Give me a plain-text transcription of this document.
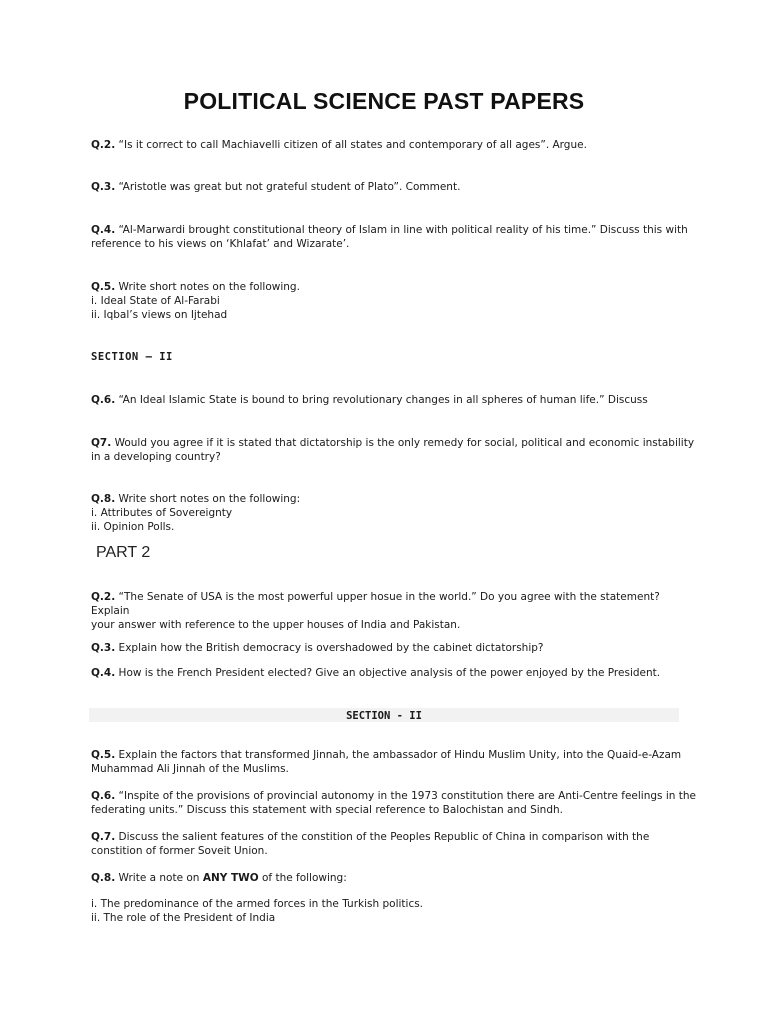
POLITICAL SCIENCE PAST PAPERS
Q.2. “Is it correct to call Machiavelli citizen of all states and contemporary of all ages”. Argue.
Q.3. “Aristotle was great but not grateful student of Plato”. Comment.
Q.4. “Al-Marwardi brought constitutional theory of Islam in line with political reality of his time.” Discuss this with
reference to his views on ‘Khlafat’ and Wizarate’.
Q.5. Write short notes on the following.
i. Ideal State of Al-Farabi
ii. Iqbal’s views on Ijtehad
SECTION – II
Q.6. “An Ideal Islamic State is bound to bring revolutionary changes in all spheres of human life.” Discuss
Q7. Would you agree if it is stated that dictatorship is the only remedy for social, political and economic instability
in a developing country?
Q.8. Write short notes on the following:
i. Attributes of Sovereignty
ii. Opinion Polls.
PART 2
Q.2. “The Senate of USA is the most powerful upper hosue in the world.” Do you agree with the statement?
Explain
your answer with reference to the upper houses of India and Pakistan.
Q.3. Explain how the British democracy is overshadowed by the cabinet dictatorship?
Q.4. How is the French President elected? Give an objective analysis of the power enjoyed by the President.
SECTION - II
Q.5. Explain the factors that transformed Jinnah, the ambassador of Hindu Muslim Unity, into the Quaid-e-Azam
Muhammad Ali Jinnah of the Muslims.
Q.6. “Inspite of the provisions of provincial autonomy in the 1973 constitution there are Anti-Centre feelings in the
federating units.” Discuss this statement with special reference to Balochistan and Sindh.
Q.7. Discuss the salient features of the constition of the Peoples Republic of China in comparison with the
constition of former Soveit Union.
Q.8. Write a note on ANY TWO of the following:
i. The predominance of the armed forces in the Turkish politics.
ii. The role of the President of India
